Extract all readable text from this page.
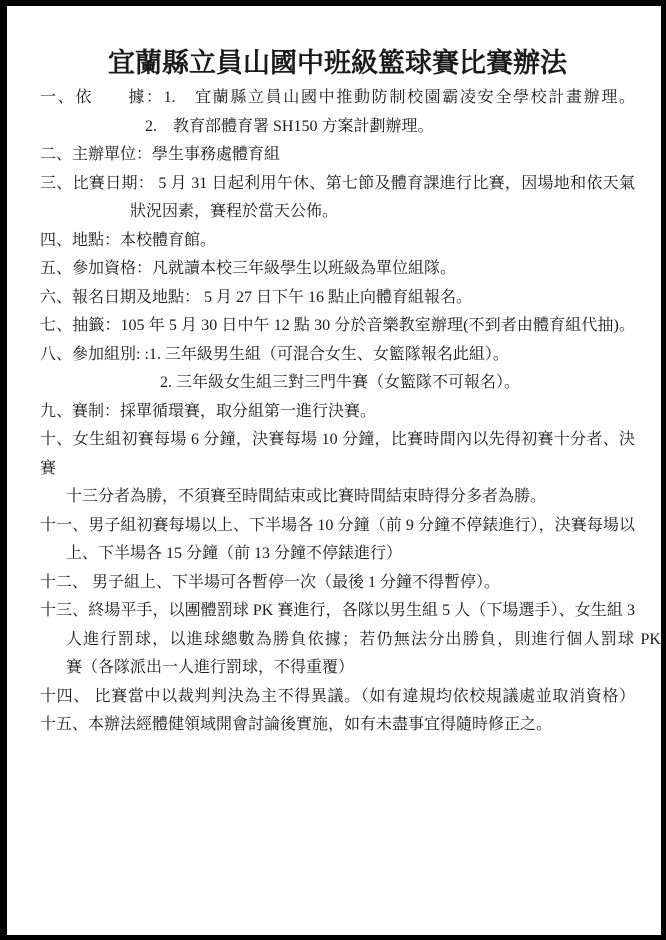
宜蘭縣立員山國中班級籃球賽比賽辦法
一、依　　據：1.　宜蘭縣立員山國中推動防制校園霸凌安全學校計畫辦理。
2.　教育部體育署 SH150 方案計劃辦理。
二、主辦單位：學生事務處體育組
三、比賽日期： 5 月 31 日起利用午休、第七節及體育課進行比賽，因場地和依天氣
狀況因素，賽程於當天公佈。
四、地點：本校體育館。
五、參加資格：凡就讀本校三年級學生以班級為單位組隊。
六、報名日期及地點： 5 月 27 日下午 16 點止向體育組報名。
七、抽籤：105 年 5 月 30 日中午 12 點 30 分於音樂教室辦理(不到者由體育組代抽)。
八、參加組別: :1. 三年級男生組（可混合女生、女籃隊報名此組）。
2. 三年級女生組三對三門牛賽（女籃隊不可報名）。
九、賽制：採單循環賽，取分組第一進行決賽。
十、女生組初賽每場 6 分鐘，決賽每場 10 分鐘，比賽時間內以先得初賽十分者、決賽
十三分者為勝，不須賽至時間結束或比賽時間結束時得分多者為勝。
十一、男子組初賽每場以上、下半場各 10 分鐘（前 9 分鐘不停錶進行），決賽每場以
上、下半場各 15 分鐘（前 13 分鐘不停錶進行）
十二、 男子組上、下半場可各暫停一次（最後 1 分鐘不得暫停）。
十三、終場平手，以團體罰球 PK 賽進行，各隊以男生組 5 人（下場選手）、女生組 3
人進行罰球，以進球總數為勝負依據；若仍無法分出勝負，則進行個人罰球 PK
賽（各隊派出一人進行罰球，不得重覆）
十四、 比賽當中以裁判判決為主不得異議。（如有違規均依校規議處並取消資格）
十五、本辦法經體健領域開會討論後實施，如有未盡事宜得隨時修正之。
